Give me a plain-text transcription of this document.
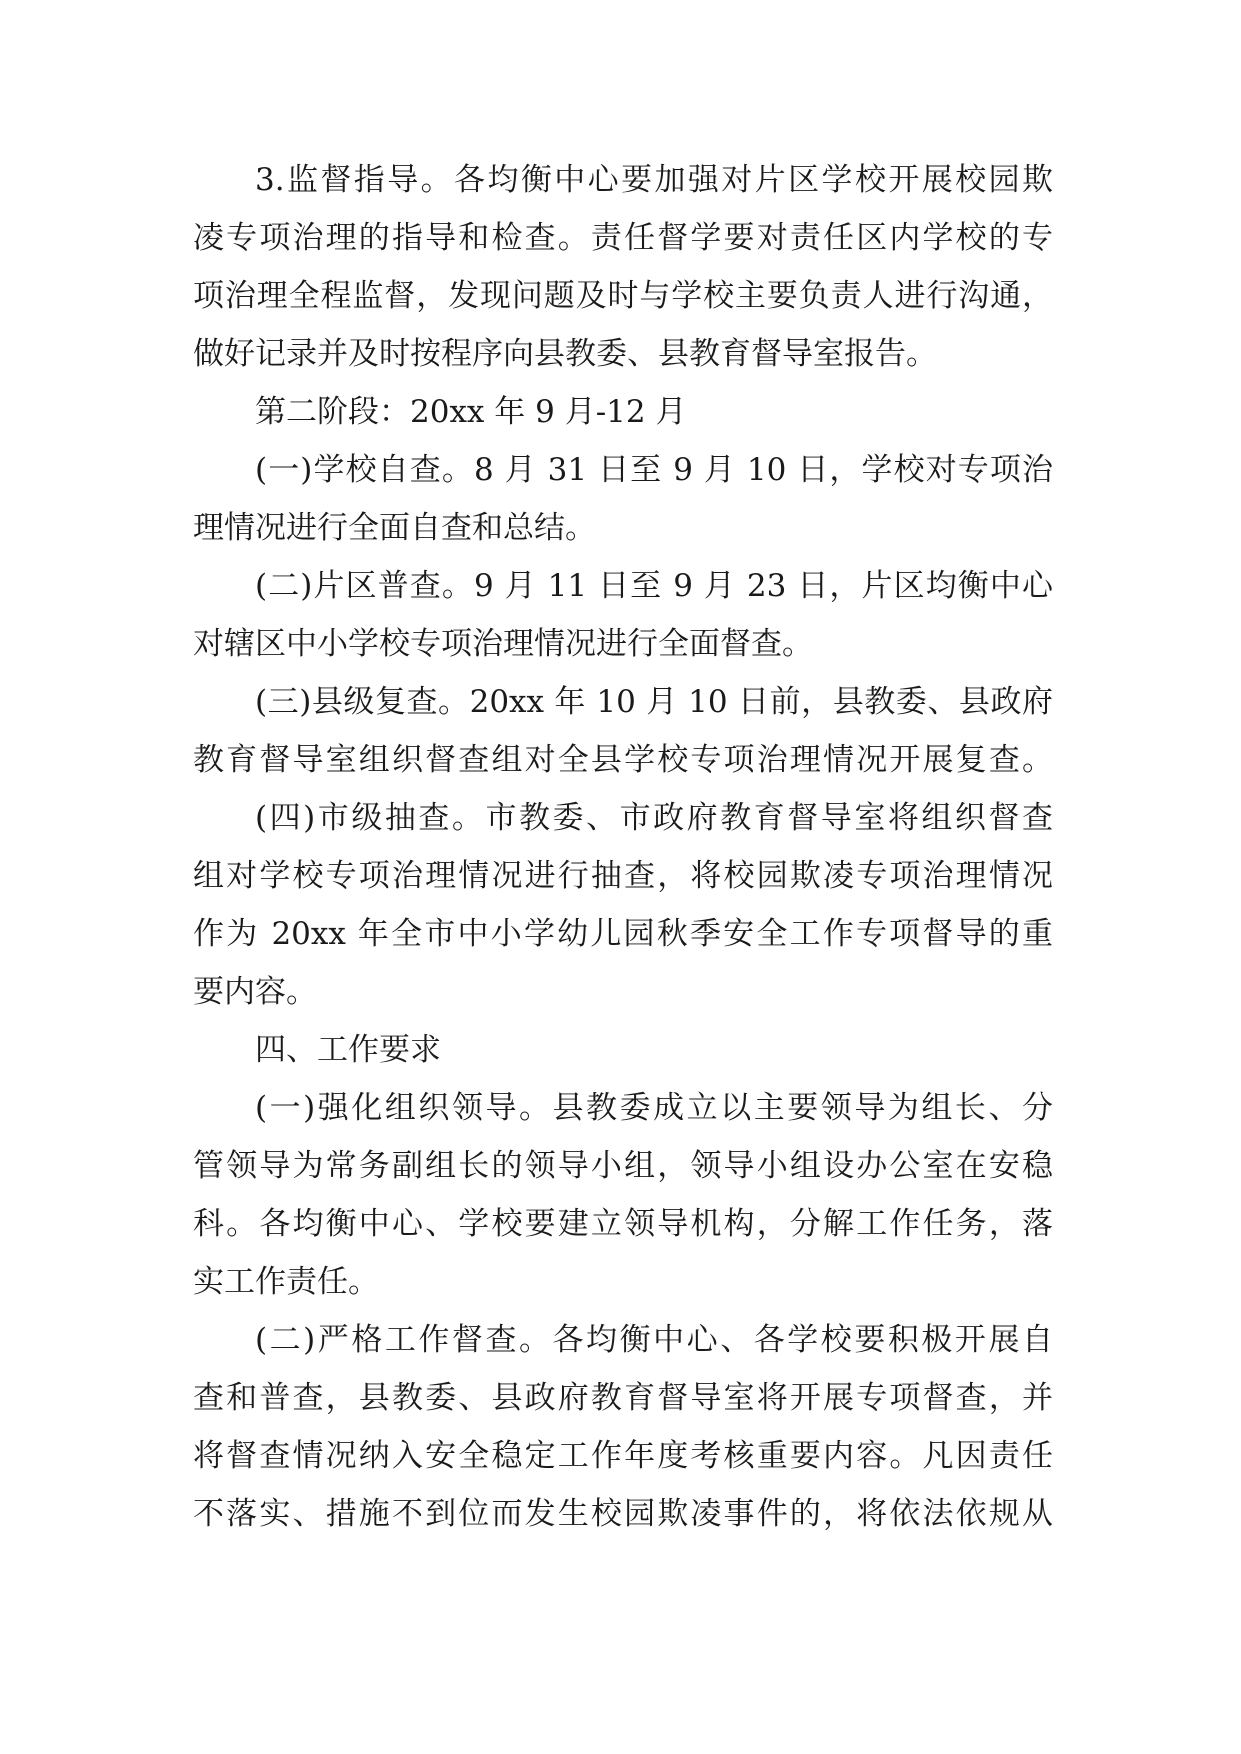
3.监督指导。各均衡中心要加强对片区学校开展校园欺
凌专项治理的指导和检查。责任督学要对责任区内学校的专
项治理全程监督，发现问题及时与学校主要负责人进行沟通，
做好记录并及时按程序向县教委、县教育督导室报告。
第二阶段：20xx 年 9 月-12 月
(一)学校自查。8 月 31 日至 9 月 10 日，学校对专项治
理情况进行全面自查和总结。
(二)片区普查。9 月 11 日至 9 月 23 日，片区均衡中心
对辖区中小学校专项治理情况进行全面督查。
(三)县级复查。20xx 年 10 月 10 日前，县教委、县政府
教育督导室组织督查组对全县学校专项治理情况开展复查。
(四)市级抽查。市教委、市政府教育督导室将组织督查
组对学校专项治理情况进行抽查，将校园欺凌专项治理情况
作为 20xx 年全市中小学幼儿园秋季安全工作专项督导的重
要内容。
四、工作要求
(一)强化组织领导。县教委成立以主要领导为组长、分
管领导为常务副组长的领导小组，领导小组设办公室在安稳
科。各均衡中心、学校要建立领导机构，分解工作任务，落
实工作责任。
(二)严格工作督查。各均衡中心、各学校要积极开展自
查和普查，县教委、县政府教育督导室将开展专项督查，并
将督查情况纳入安全稳定工作年度考核重要内容。凡因责任
不落实、措施不到位而发生校园欺凌事件的，将依法依规从
